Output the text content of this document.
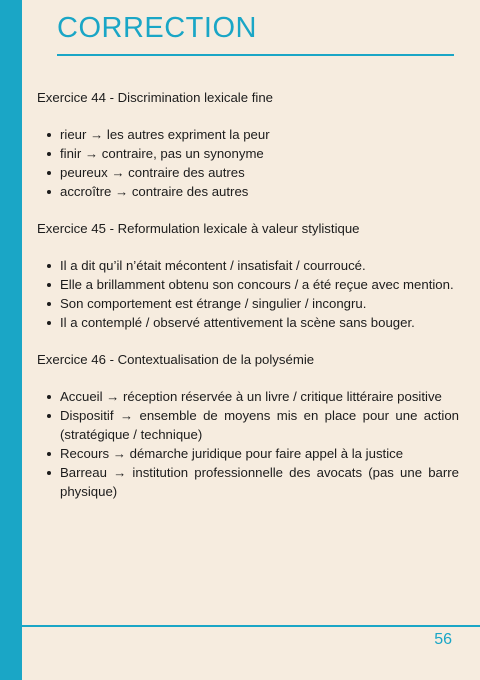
CORRECTION

Exercice 44 - Discrimination lexicale fine

rieur → les autres expriment la peur
finir → contraire, pas un synonyme
peureux → contraire des autres
accroître → contraire des autres

Exercice 45 - Reformulation lexicale à valeur stylistique

Il a dit qu’il n’était mécontent / insatisfait / courroucé.
Elle a brillamment obtenu son concours / a été reçue avec mention.
Son comportement est étrange / singulier / incongru.
Il a contemplé / observé attentivement la scène sans bouger.

Exercice 46 - Contextualisation de la polysémie

Accueil → réception réservée à un livre / critique littéraire positive
Dispositif → ensemble de moyens mis en place pour une action (stratégique / technique)
Recours → démarche juridique pour faire appel à la justice
Barreau → institution professionnelle des avocats (pas une barre physique)
56
